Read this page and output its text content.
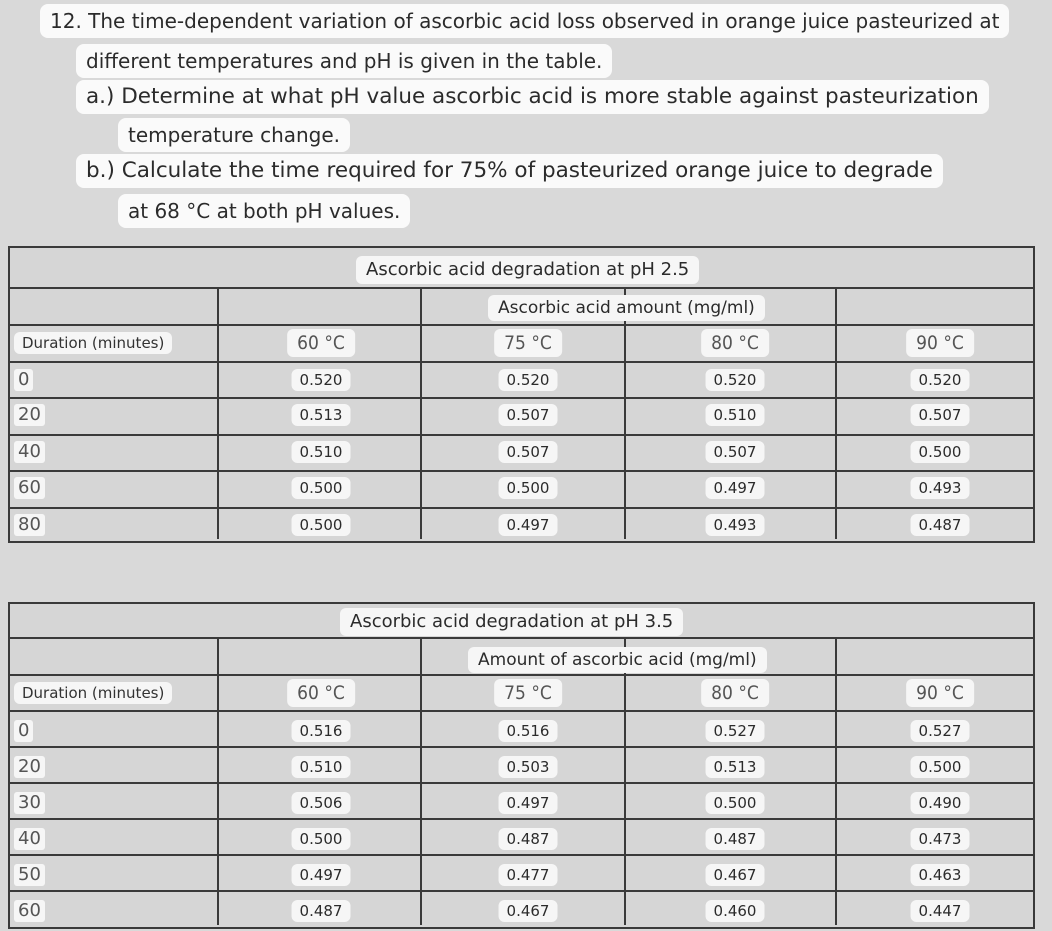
12. The time-dependent variation of ascorbic acid loss observed in orange juice pasteurized at
different temperatures and pH is given in the table.
a.) Determine at what pH value ascorbic acid is more stable against pasteurization
temperature change.
b.) Calculate the time required for 75% of pasteurized orange juice to degrade
at 68 °C at both pH values.
Ascorbic acid degradation at pH 2.5
Ascorbic acid amount (mg/ml)
Duration (minutes)	60 °C	75 °C	80 °C	90 °C
0	0.520	0.520	0.520	0.520
20	0.513	0.507	0.510	0.507
40	0.510	0.507	0.507	0.500
60	0.500	0.500	0.497	0.493
80	0.500	0.497	0.493	0.487
Ascorbic acid degradation at pH 3.5
Amount of ascorbic acid (mg/ml)
Duration (minutes)	60 °C	75 °C	80 °C	90 °C
0	0.516	0.516	0.527	0.527
20	0.510	0.503	0.513	0.500
30	0.506	0.497	0.500	0.490
40	0.500	0.487	0.487	0.473
50	0.497	0.477	0.467	0.463
60	0.487	0.467	0.460	0.447
